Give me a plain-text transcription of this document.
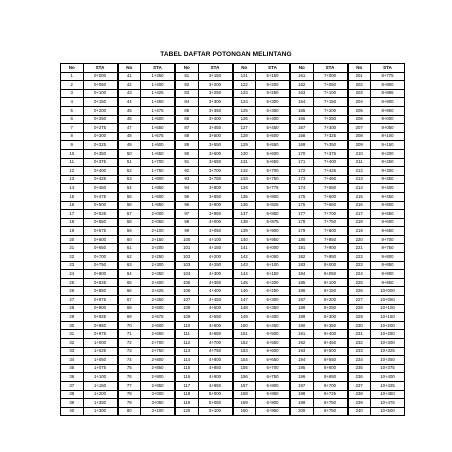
TABEL DAFTAR POTONGAN MELINTANG
No	STA
1	0+000
2	0+050
3	0+100
4	0+150
5	0+200
6	0+250
7	0+275
8	0+300
9	0+325
10	0+350
11	0+375
12	0+400
13	0+425
14	0+450
15	0+475
16	0+500
17	0+525
18	0+550
19	0+575
20	0+600
21	0+650
22	0+700
23	0+750
24	0+800
25	0+825
26	0+850
27	0+875
28	0+900
29	0+925
30	0+950
31	0+975
32	1+000
33	1+025
34	1+050
35	1+075
36	1+100
37	1+150
38	1+200
39	1+250
40	1+300
No	STA
41	1+350
42	1+400
43	1+425
44	1+450
45	1+475
46	1+500
47	1+550
48	1+575
49	1+600
50	1+650
51	1+700
52	1+750
53	1+800
54	1+850
55	1+900
56	1+950
57	2+000
58	2+050
59	2+100
60	2+150
61	2+200
62	2+250
63	2+300
64	2+350
65	2+400
66	2+425
67	2+450
68	2+500
69	2+575
70	2+600
71	2+650
72	2+700
73	2+750
74	2+800
75	2+850
76	2+900
77	2+950
78	3+000
79	3+050
80	3+100
No	STA
81	3+150
82	3+200
83	3+250
84	3+300
85	3+350
86	3+400
87	3+450
88	3+500
89	3+550
90	3+600
91	3+650
92	3+700
93	3+750
94	3+800
95	3+850
96	3+900
97	3+950
98	4+000
99	4+050
100	4+100
101	4+150
102	4+200
103	4+250
104	4+300
105	4+350
106	4+400
107	4+450
108	4+500
109	4+550
110	4+600
111	4+650
112	4+700
113	4+750
114	4+800
115	4+850
116	4+900
117	4+950
118	5+000
119	5+050
120	5+100
No	STA
121	5+150
122	5+200
123	5+250
124	5+300
125	5+350
126	5+400
127	5+450
128	5+500
129	5+550
130	5+600
131	5+650
132	5+700
133	5+750
134	5+775
135	5+800
136	5+825
137	5+850
138	5+875
139	5+900
140	5+950
141	6+000
142	6+050
143	6+100
144	6+150
145	6+200
146	6+250
147	6+300
148	6+350
149	6+400
150	6+450
151	6+500
152	6+550
153	6+600
154	6+650
155	6+700
156	6+750
157	6+800
158	6+850
159	6+900
160	6+950
No	STA
161	7+000
162	7+050
163	7+100
164	7+150
165	7+200
166	7+250
167	7+300
168	7+325
169	7+350
170	7+375
171	7+400
172	7+425
173	7+450
174	7+550
175	7+600
176	7+650
177	7+700
178	7+750
179	7+800
180	7+850
181	7+900
182	7+950
183	8+000
184	8+050
185	8+100
186	8+150
187	8+200
188	8+250
189	8+300
190	8+350
191	8+400
192	8+450
193	8+500
194	8+550
195	8+600
196	8+650
197	8+700
198	8+725
199	8+750
200	8+750
No	STA
201	8+775
202	8+800
203	8+886
204	8+900
205	8+950
206	9+000
207	9+050
208	9+100
209	9+150
210	9+200
211	9+250
212	9+300
213	9+350
214	9+400
215	9+450
216	9+500
217	9+550
218	9+600
219	9+650
220	9+700
221	9+750
222	9+800
223	9+850
224	9+900
225	9+950
226	10+000
227	10+050
228	10+100
229	10+150
230	10+200
231	10+250
232	10+300
233	10+325
234	10+350
235	10+375
236	10+400
237	10+425
238	10+450
239	10+475
240	10+500
